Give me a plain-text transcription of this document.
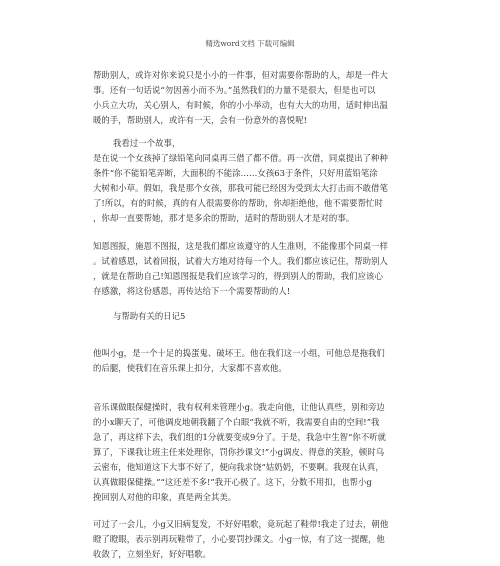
精选word文档 下载可编辑
帮助别人，或许对你来说只是小小的一件事，但对需要你帮助的人，却是一件大
事。还有一句话说“勿因善小而不为。”虽然我们的力量不是很大，但是也可以
小兵立大功，关心别人，有时候，你的小小举动，也有大大的功用，适时伸出温
暖的手，帮助别人，或许有一天，会有一份意外的喜悦呢!
我看过一个故事，
是在说一个女孩掉了绿铅笔向同桌再三借了都不借。再一次借，同桌提出了种种
条件“你不能铅笔弄断，大面积的不能涂……女孩63于条件，只好用蓝铅笔涂
大树和小草。假如，我是那个女孩，那我可能已经因为受到太大打击而不敢借笔
了!所以，有的时候，真的有人很需要你的帮助，你却拒绝他，他不需要帮忙时
，你却一直要帮她，那才是多余的帮助，适时的帮助别人才是对的事。
知恩图报，施恩不图报，这是我们都应该遵守的人生准则，不能像那个同桌一样
。试着感恩，试着回报，试着大方地对待每一个人。我们都应该记住，帮助别人
，就是在帮助自己!知恩图报是我们应该学习的，得到别人的帮助，我们应该心
存感激，将这份感恩，再传达给下一个需要帮助的人!
与帮助有关的日记5
他叫小g，是一个十足的捣蛋鬼、破坏王。他在我们这一小组，可他总是拖我们
的后腿，使我们在音乐课上扣分，大家都不喜欢他。
音乐课做眼保健操时，我有权利来管理小g。我走向他，让他认真些，别和旁边
的小x聊天了，可他调皮地朝我翻了个白眼“我就不听，我需要自由的空间!”我
急了，再这样下去，我们组的1分就要变成9分了。于是，我急中生智“你不听就
算了，下课我让班主任来处理你，罚你抄课文!”小g调皮、得意的笑脸，顿时乌
云密布，他知道这下大事不好了，便向我求饶“姑奶奶，不要啊。我现在认真，
认真做眼保健操。”“这还差不多!”我开心极了。这下，分数不用扣，也帮小g
挽回别人对他的印象，真是两全其美。
可过了一会儿，小g又旧病复发，不好好唱歌，竟玩起了鞋带!我走了过去，朝他
瞪了瞪眼，表示别再玩鞋带了，小心要罚抄课文。小g一惊，有了这一提醒，他
收敛了，立刻坐好，好好唱歌。
